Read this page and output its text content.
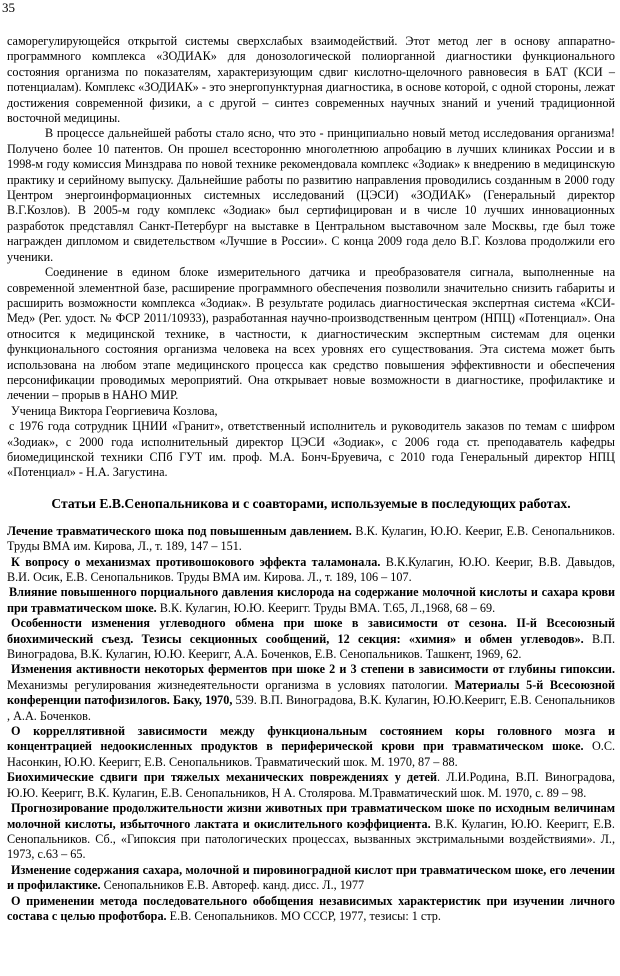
35

саморегулирующейся открытой системы сверхслабых взаимодействий. Этот метод лег в основу аппаратно-программного комплекса «ЗОДИАК» для донозологической полиорганной диагностики функционального состояния организма по показателям, характеризующим сдвиг кислотно-щелочного равновесия в БАТ (КСИ – потенциалам). Комплекс «ЗОДИАК» - это энергопунктурная диагностика, в основе которой, с одной стороны, лежат достижения современной физики, а с другой – синтез современных научных знаний и учений традиционной восточной медицины.

В процессе дальнейшей работы стало ясно, что это - принципиально новый метод исследования организма! Получено более 10 патентов. Он прошел всесторонню многолетнюю апробацию в лучших клиниках России и в 1998-м году комиссия Минздрава по новой технике рекомендовала комплекс «Зодиак» к внедрению в медицинскую практику и серийному выпуску. Дальнейшие работы по развитию направления проводились созданным в 2000 году Центром энергоинформационных системных исследований (ЦЭСИ) «ЗОДИАК» (Генеральный директор В.Г.Козлов). В 2005-м году комплекс «Зодиак» был сертифицирован и в числе 10 лучших инновационных разработок представлял Санкт-Петербург на выставке в Центральном выставочном зале Москвы, где был тоже награжден дипломом и свидетельством «Лучшие в России». С конца 2009 года дело В.Г. Козлова продолжили его ученики.

Соединение в едином блоке измерительного датчика и преобразователя сигнала, выполненные на современной элементной базе, расширение программного обеспечения позволили значительно снизить габариты и расширить возможности комплекса «Зодиак». В результате родилась диагностическая экспертная система «КСИ-Мед» (Рег. удост. № ФСР 2011/10933), разработанная научно-производственным центром (НПЦ) «Потенциал». Она относится к медицинской технике, в частности, к диагностическим экспертным системам для оценки функционального состояния организма человека на всех уровнях его существования. Эта система может быть использована на любом этапе медицинского процесса как средство повышения эффективности и обеспечения персонификации проводимых мероприятий. Она открывает новые возможности в диагностике, профилактике и лечении – прорыв в НАНО МИР.

Ученица Виктора Георгиевича Козлова,

с 1976 года сотрудник ЦНИИ «Гранит», ответственный исполнитель и руководитель заказов по темам с шифром «Зодиак», с 2000 года исполнительный директор ЦЭСИ «Зодиак», с 2006 года ст. преподаватель кафедры биомедицинской техники СПб ГУТ им. проф. М.А. Бонч-Бруевича, с 2010 года Генеральный директор НПЦ «Потенциал» - Н.А. Загустина.

Статьи Е.В.Сенопальникова и с соавторами, используемые в последующих работах.

Лечение травматического шока под повышенным давлением. В.К. Кулагин, Ю.Ю. Кеериг, Е.В. Сенопальников. Труды ВМА им. Кирова, Л., т. 189, 147 – 151.

К вопросу о механизмах противошокового эффекта таламонала. В.К.Кулагин, Ю.Ю. Кеериг, В.В. Давыдов, В.И. Осик, Е.В. Сенопальников. Труды ВМА им. Кирова. Л., т. 189, 106 – 107.

Влияние повышенного порциального давления кислорода на содержание молочной кислоты и сахара крови при травматическом шоке. В.К. Кулагин, Ю.Ю. Кееригг. Труды ВМА. Т.65, Л.,1968, 68 – 69.

Особенности изменения углеводного обмена при шоке в зависимости от сезона. II-й Всесоюзный биохимический съезд. Тезисы секционных сообщений, 12 секция: «химия» и обмен углеводов». В.П. Виноградова, В.К. Кулагин, Ю.Ю. Кееригг, А.А. Боченков, Е.В. Сенопальников. Ташкент, 1969, 62.

Изменения активности некоторых ферментов при шоке 2 и 3 степени в зависимости от глубины гипоксии. Механизмы регулирования жизнедеятельности организма в условиях патологии. Материалы 5-й Всесоюзной конференции патофизилогов. Баку, 1970, 539. В.П. Виноградова, В.К. Кулагин, Ю.Ю.Кееригг, Е.В. Сенопальников , А.А. Боченков.

О корреллятивной зависимости между функциональным состоянием коры головного мозга и концентрацией недоокисленных продуктов в периферической крови при травматическом шоке. О.С. Насонкин, Ю.Ю. Кееригг, Е.В. Сенопальников. Травматический шок. М. 1970, 87 – 88.

Биохимические сдвиги при тяжелых механических повреждениях у детей. Л.И.Родина, В.П. Виноградова, Ю.Ю. Кееригг, В.К. Кулагин, Е.В. Сенопальников, Н А. Столярова. М.Травматический шок. М. 1970, с. 89 – 98.

Прогнозирование продолжительности жизни животных при травматическом шоке по исходным величинам молочной кислоты, избыточного лактата и окислительного коэффициента. В.К. Кулагин, Ю.Ю. Кееригг, Е.В. Сенопальников. Сб., «Гипоксия при патологических процессах, вызванных экстримальными воздействиями». Л., 1973, с.63 – 65.

Изменение содержания сахара, молочной и пировиноградной кислот при травматическом шоке, его лечении и профилактике. Сенопальников Е.В. Автореф. канд. дисс. Л., 1977

О применении метода последовательного обобщения независимых характеристик при изучении личного состава с целью профотбора. Е.В. Сенопальников. МО СССР, 1977, тезисы: 1 стр.
